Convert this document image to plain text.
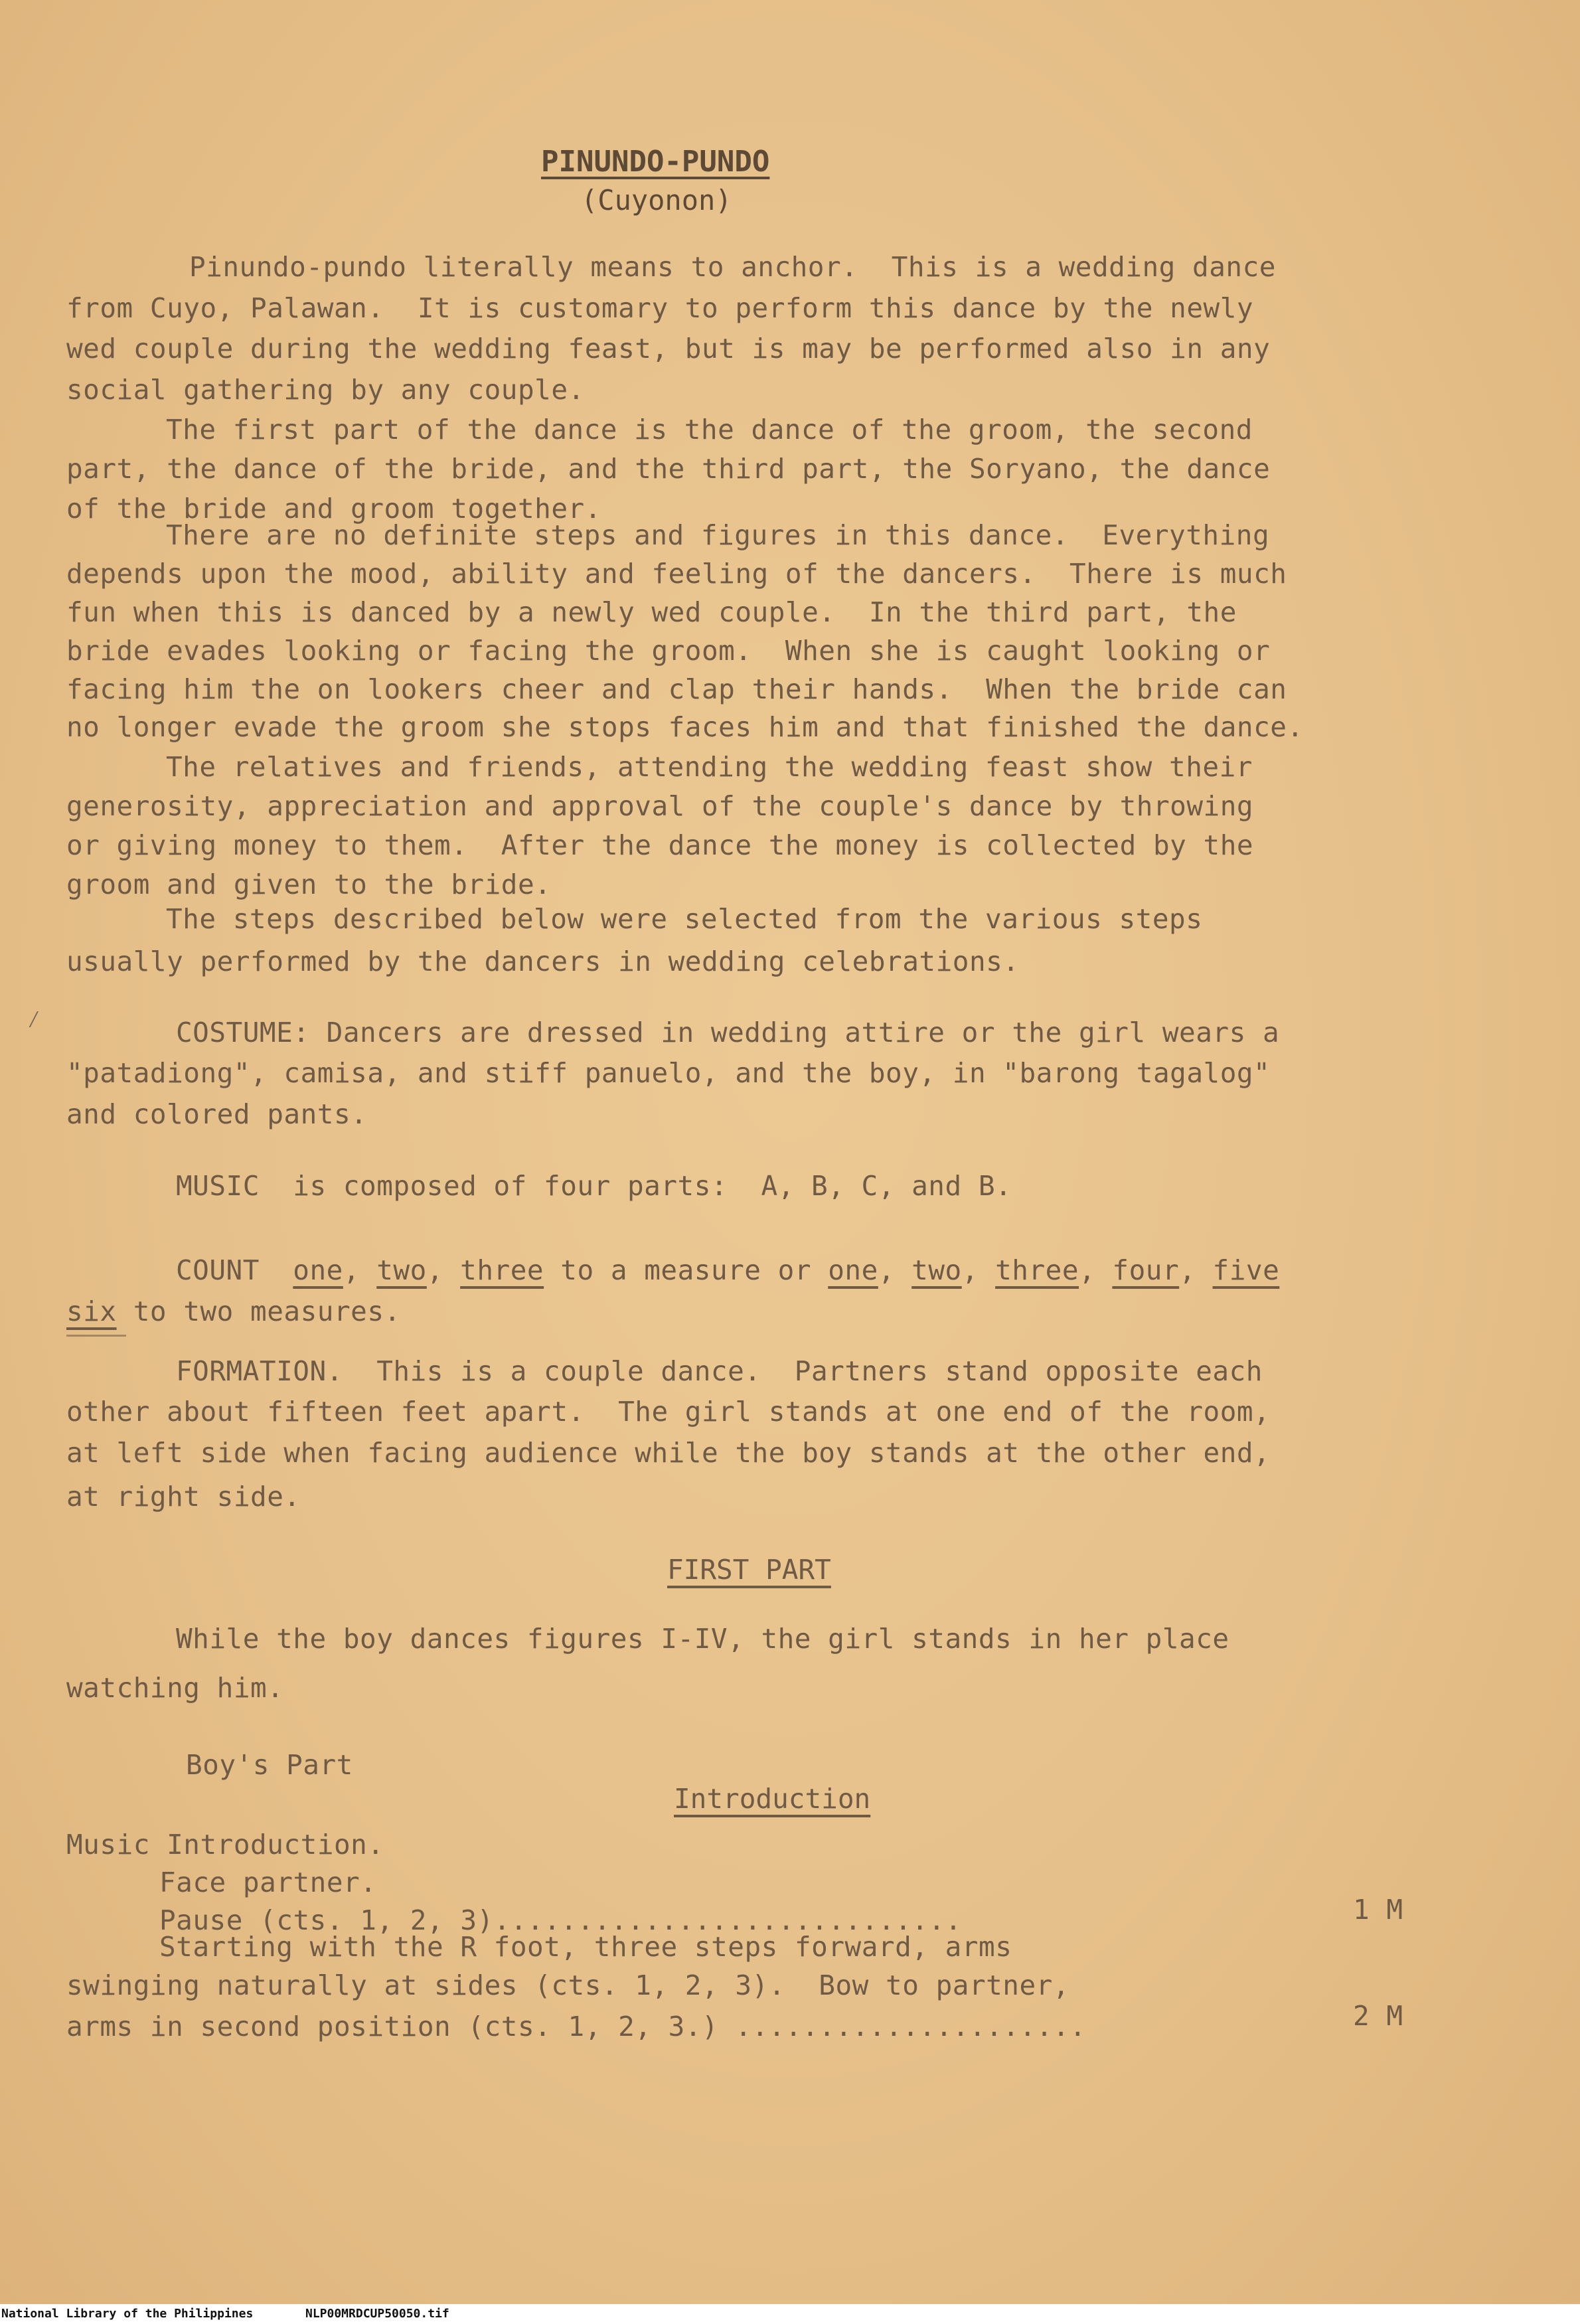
PINUNDO-PUNDO
(Cuyonon)
Pinundo-pundo literally means to anchor.  This is a wedding dance
from Cuyo, Palawan.  It is customary to perform this dance by the newly
wed couple during the wedding feast, but is may be performed also in any
social gathering by any couple.
The first part of the dance is the dance of the groom, the second
part, the dance of the bride, and the third part, the Soryano, the dance
of the bride and groom together.
There are no definite steps and figures in this dance.  Everything
depends upon the mood, ability and feeling of the dancers.  There is much
fun when this is danced by a newly wed couple.  In the third part, the
bride evades looking or facing the groom.  When she is caught looking or
facing him the on lookers cheer and clap their hands.  When the bride can
no longer evade the groom she stops faces him and that finished the dance.
The relatives and friends, attending the wedding feast show their
generosity, appreciation and approval of the couple's dance by throwing
or giving money to them.  After the dance the money is collected by the
groom and given to the bride.
The steps described below were selected from the various steps
usually performed by the dancers in wedding celebrations.
COSTUME: Dancers are dressed in wedding attire or the girl wears a
"patadiong", camisa, and stiff panuelo, and the boy, in "barong tagalog"
and colored pants.
⁄
MUSIC  is composed of four parts:  A, B, C, and B.
COUNT one, two, three to a measure or one, two, three, four, five
six to two measures.
FORMATION.  This is a couple dance.  Partners stand opposite each
other about fifteen feet apart.  The girl stands at one end of the room,
at left side when facing audience while the boy stands at the other end,
at right side.
FIRST PART
While the boy dances figures I-IV, the girl stands in her place
watching him.
Boy's Part
Introduction
Music Introduction.
Face partner.
Pause (cts. 1, 2, 3)............................	1 M
Starting with the R foot, three steps forward, arms
swinging naturally at sides (cts. 1, 2, 3).  Bow to partner,
arms in second position (cts. 1, 2, 3.) .....................	2 M
National Library of the Philippines	NLP00MRDCUP50050.tif
